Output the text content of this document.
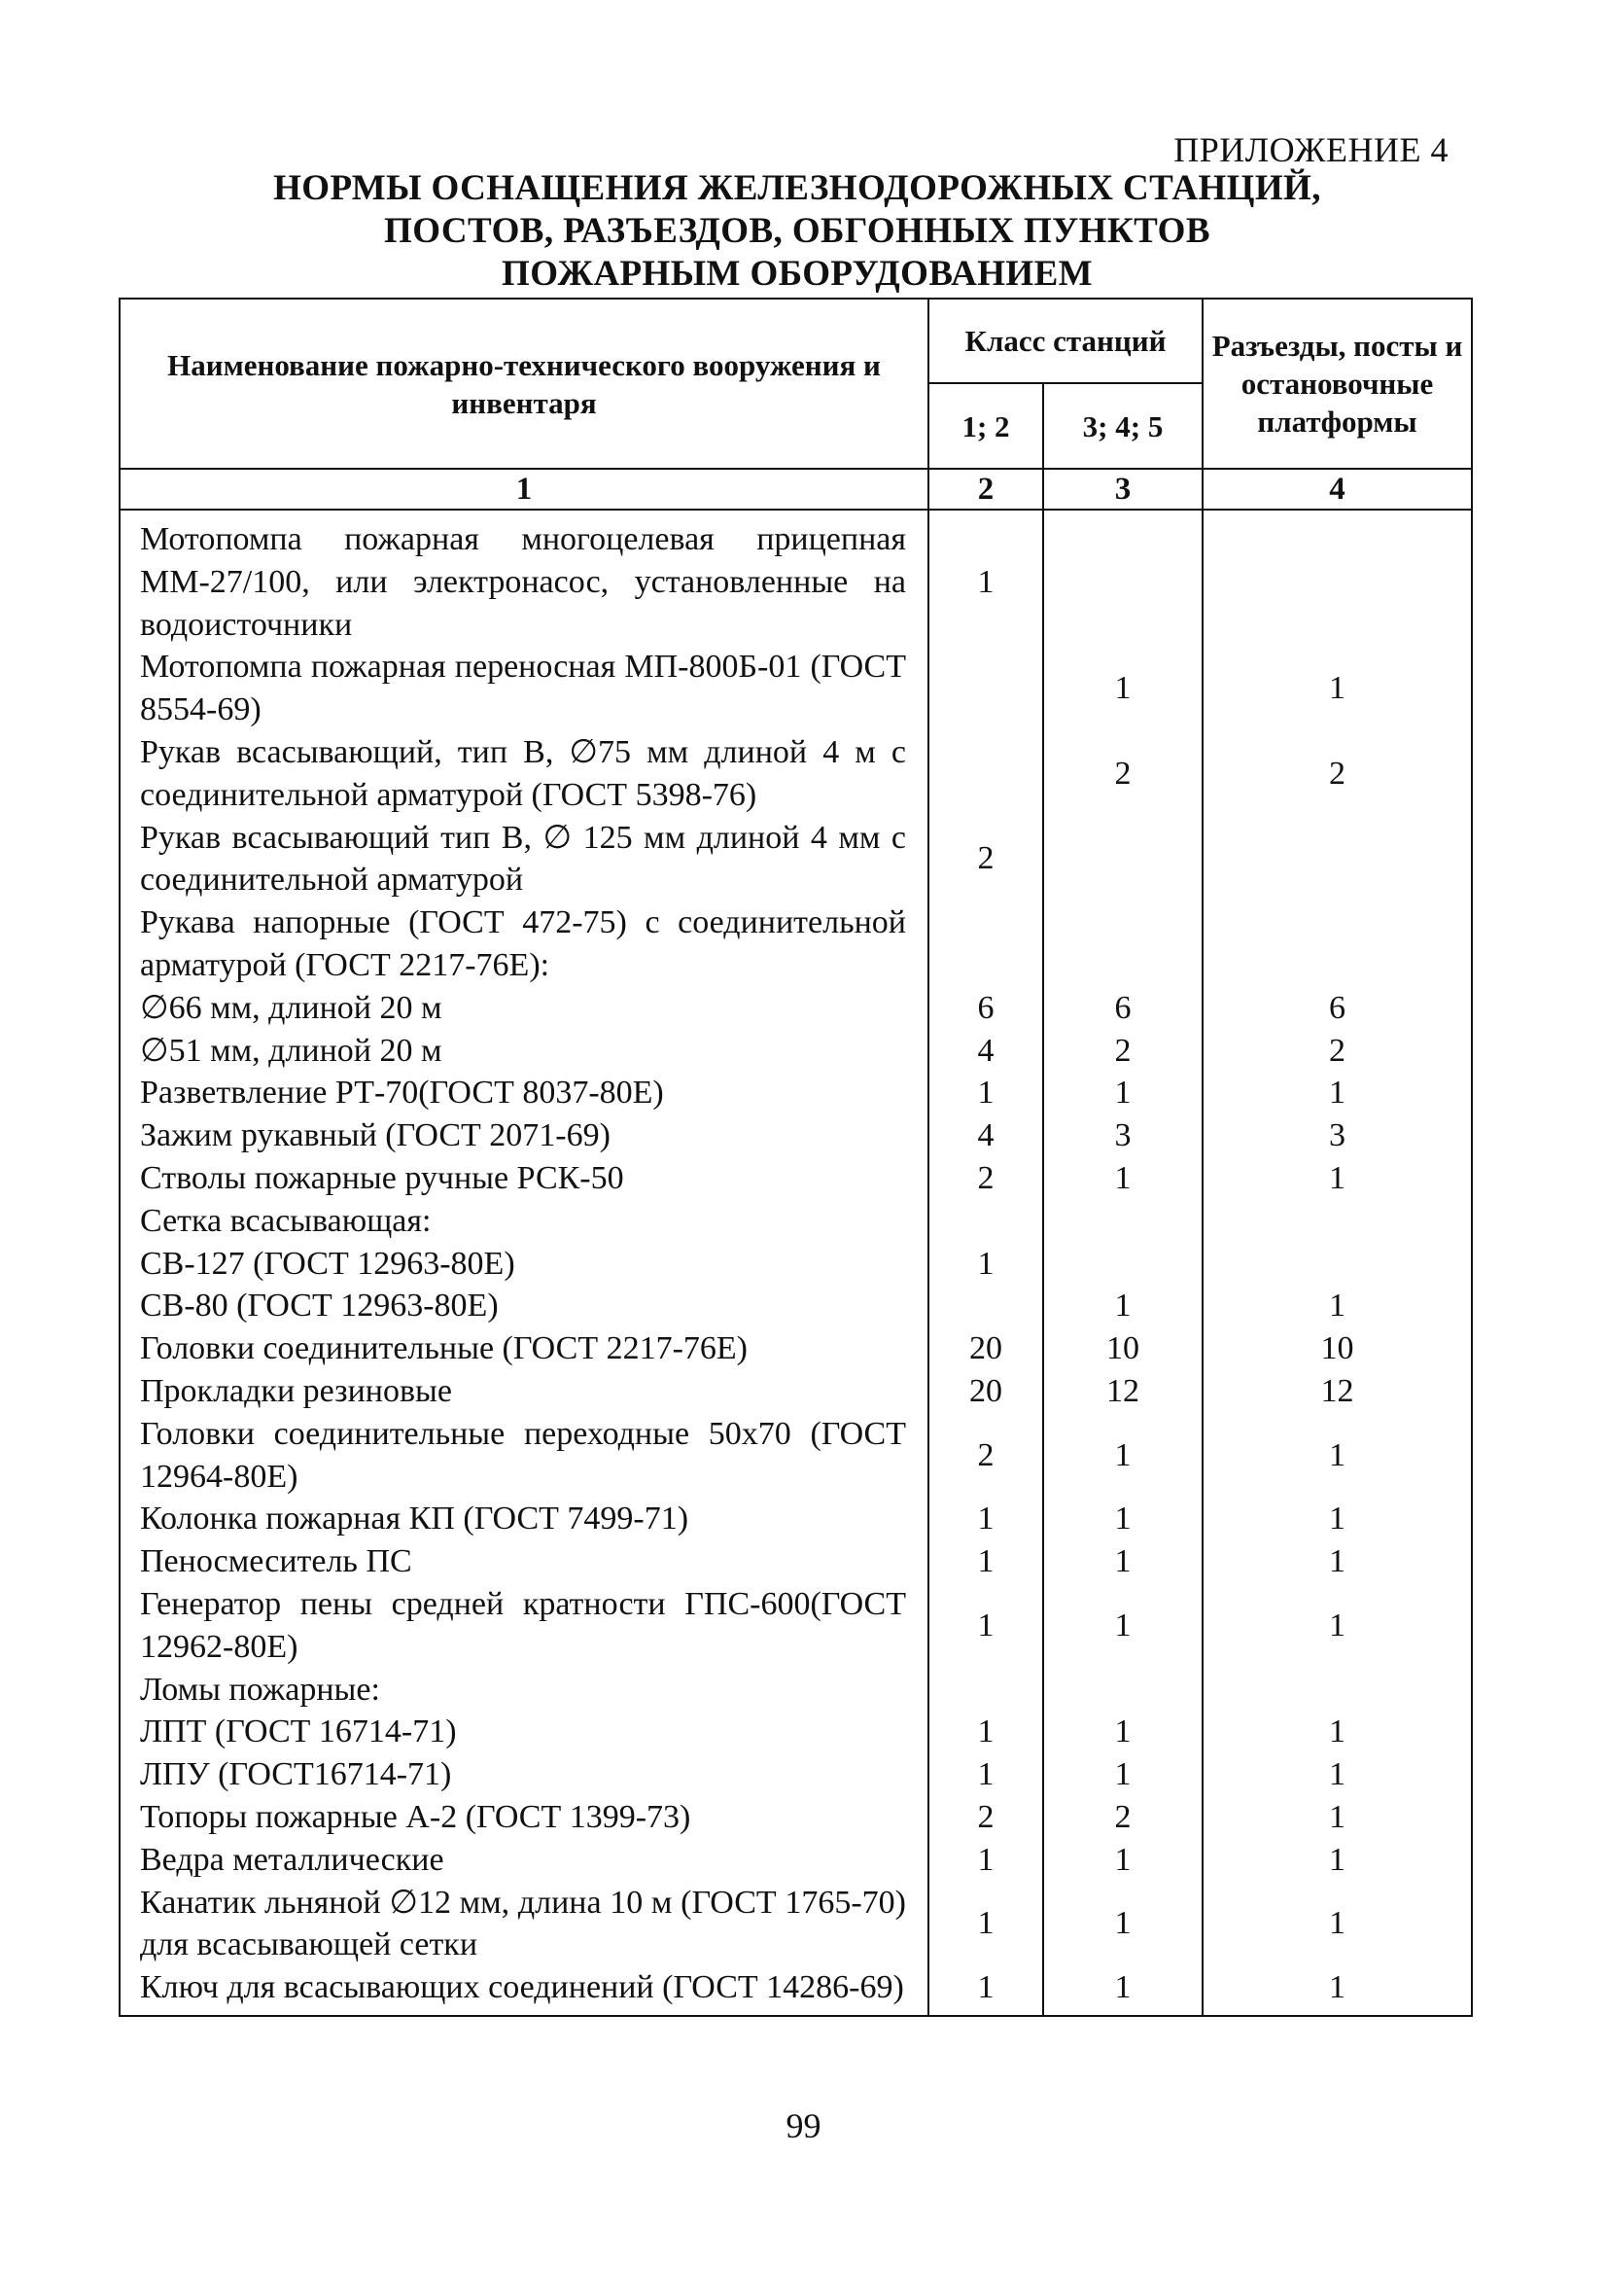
ПРИЛОЖЕНИЕ 4
НОРМЫ ОСНАЩЕНИЯ ЖЕЛЕЗНОДОРОЖНЫХ СТАНЦИЙ,
ПОСТОВ, РАЗЪЕЗДОВ, ОБГОННЫХ ПУНКТОВ
ПОЖАРНЫМ ОБОРУДОВАНИЕМ
Наименование пожарно-технического вооружения и инвентаря	Класс станций		Разъезды, посты и остановочные платформы
	1; 2	3; 4; 5	
1	2	3	4
Мотопомпа пожарная многоцелевая прицепная ММ-27/100, или электронасос, установленные на водоисточники	1		
Мотопомпа пожарная переносная МП-800Б-01 (ГОСТ 8554-69)		1	1
Рукав всасывающий, тип В, ∅75 мм длиной 4 м с соединительной арматурой (ГОСТ 5398-76)		2	2
Рукав всасывающий тип В, ∅ 125 мм длиной 4 мм с соединительной арматурой	2		
Рукава напорные (ГОСТ 472-75) с соединительной арматурой (ГОСТ 2217-76Е):			
∅66 мм, длиной 20 м	6	6	6
∅51 мм, длиной 20 м	4	2	2
Разветвление РТ-70(ГОСТ 8037-80Е)	1	1	1
Зажим рукавный (ГОСТ 2071-69)	4	3	3
Стволы пожарные ручные РСК-50	2	1	1
Сетка всасывающая:			
СВ-127 (ГОСТ 12963-80Е)	1		
СВ-80 (ГОСТ 12963-80Е)		1	1
Головки соединительные (ГОСТ 2217-76Е)	20	10	10
Прокладки резиновые	20	12	12
Головки соединительные переходные 50х70 (ГОСТ 12964-80Е)	2	1	1
Колонка пожарная КП (ГОСТ 7499-71)	1	1	1
Пеносмеситель ПС	1	1	1
Генератор пены средней кратности ГПС-600(ГОСТ 12962-80Е)	1	1	1
Ломы пожарные:			
ЛПТ (ГОСТ 16714-71)	1	1	1
ЛПУ (ГОСТ16714-71)	1	1	1
Топоры пожарные А-2 (ГОСТ 1399-73)	2	2	1
Ведра металлические	1	1	1
Канатик льняной ∅12 мм, длина 10 м (ГОСТ 1765-70) для всасывающей сетки	1	1	1
Ключ для всасывающих соединений (ГОСТ 14286-69)	1	1	1
99
